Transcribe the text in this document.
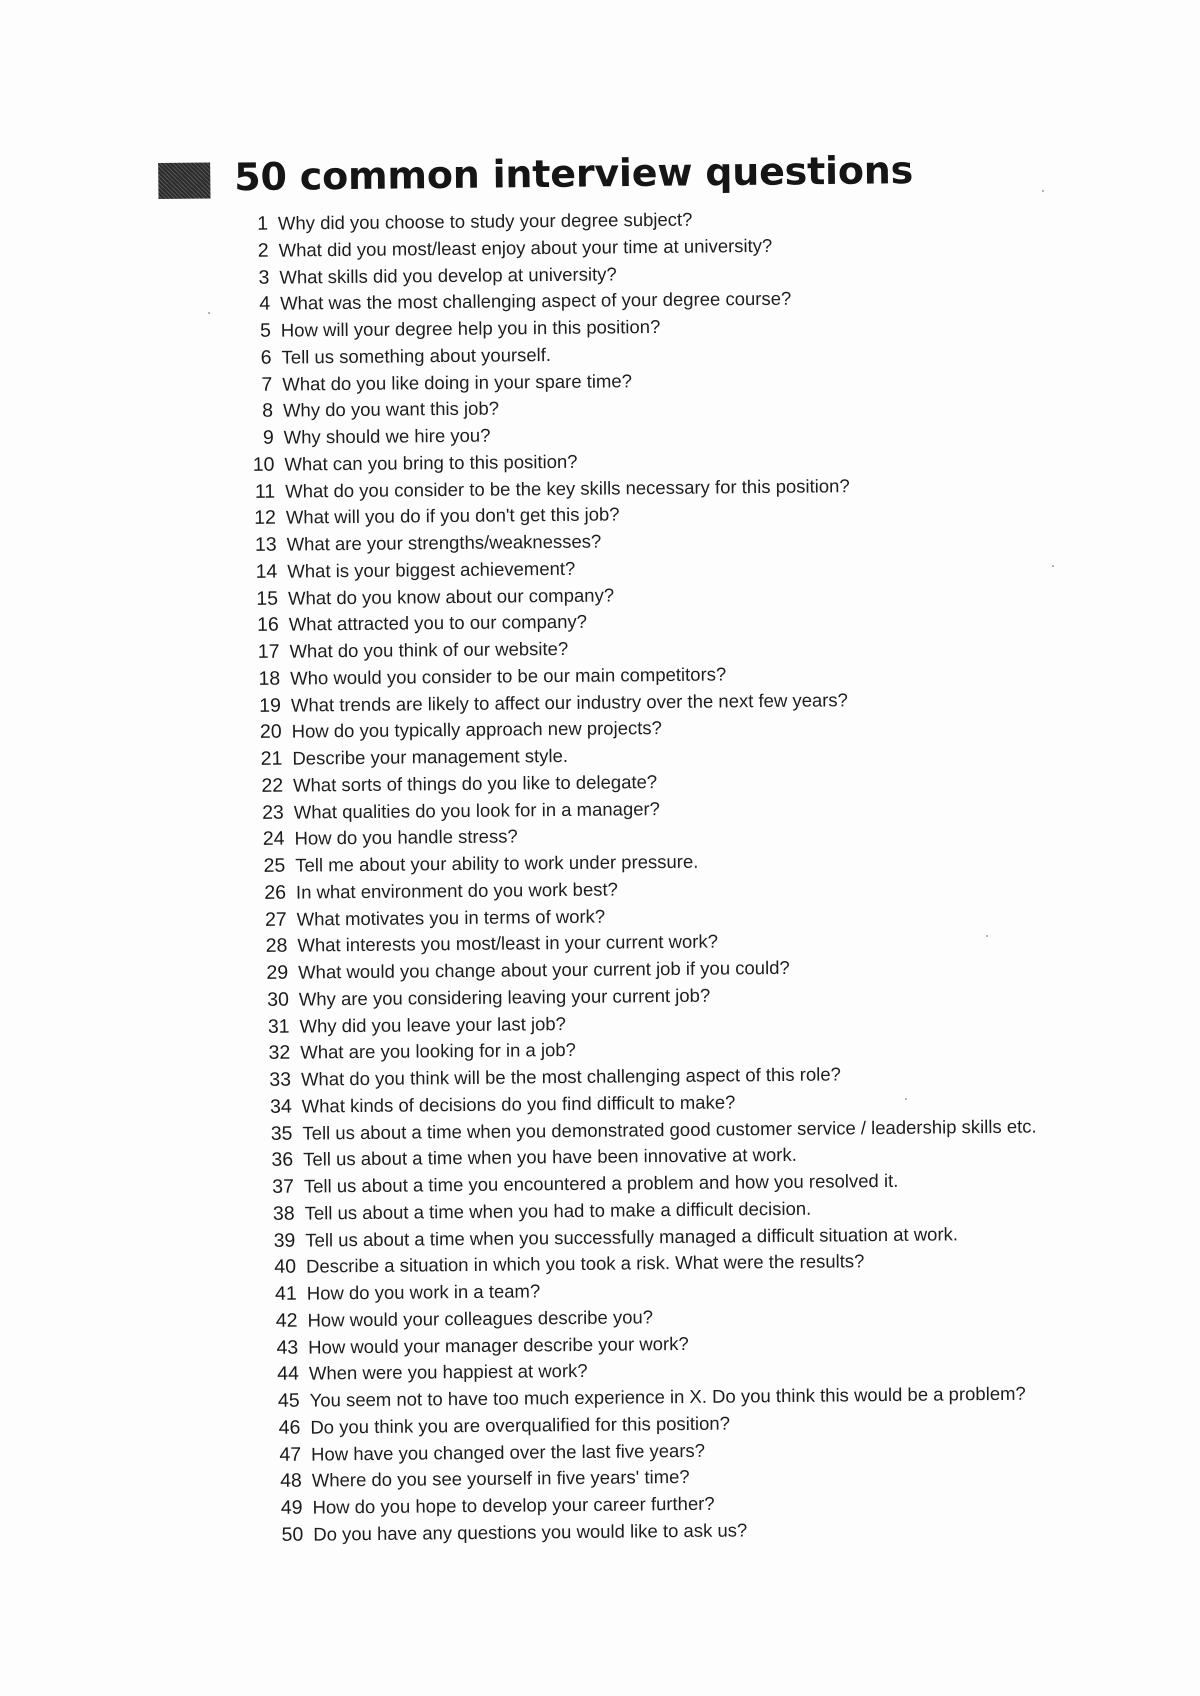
50 common interview questions
1 Why did you choose to study your degree subject?
2 What did you most/least enjoy about your time at university?
3 What skills did you develop at university?
4 What was the most challenging aspect of your degree course?
5 How will your degree help you in this position?
6 Tell us something about yourself.
7 What do you like doing in your spare time?
8 Why do you want this job?
9 Why should we hire you?
10 What can you bring to this position?
11 What do you consider to be the key skills necessary for this position?
12 What will you do if you don't get this job?
13 What are your strengths/weaknesses?
14 What is your biggest achievement?
15 What do you know about our company?
16 What attracted you to our company?
17 What do you think of our website?
18 Who would you consider to be our main competitors?
19 What trends are likely to affect our industry over the next few years?
20 How do you typically approach new projects?
21 Describe your management style.
22 What sorts of things do you like to delegate?
23 What qualities do you look for in a manager?
24 How do you handle stress?
25 Tell me about your ability to work under pressure.
26 In what environment do you work best?
27 What motivates you in terms of work?
28 What interests you most/least in your current work?
29 What would you change about your current job if you could?
30 Why are you considering leaving your current job?
31 Why did you leave your last job?
32 What are you looking for in a job?
33 What do you think will be the most challenging aspect of this role?
34 What kinds of decisions do you find difficult to make?
35 Tell us about a time when you demonstrated good customer service / leadership skills etc.
36 Tell us about a time when you have been innovative at work.
37 Tell us about a time you encountered a problem and how you resolved it.
38 Tell us about a time when you had to make a difficult decision.
39 Tell us about a time when you successfully managed a difficult situation at work.
40 Describe a situation in which you took a risk. What were the results?
41 How do you work in a team?
42 How would your colleagues describe you?
43 How would your manager describe your work?
44 When were you happiest at work?
45 You seem not to have too much experience in X. Do you think this would be a problem?
46 Do you think you are overqualified for this position?
47 How have you changed over the last five years?
48 Where do you see yourself in five years' time?
49 How do you hope to develop your career further?
50 Do you have any questions you would like to ask us?
